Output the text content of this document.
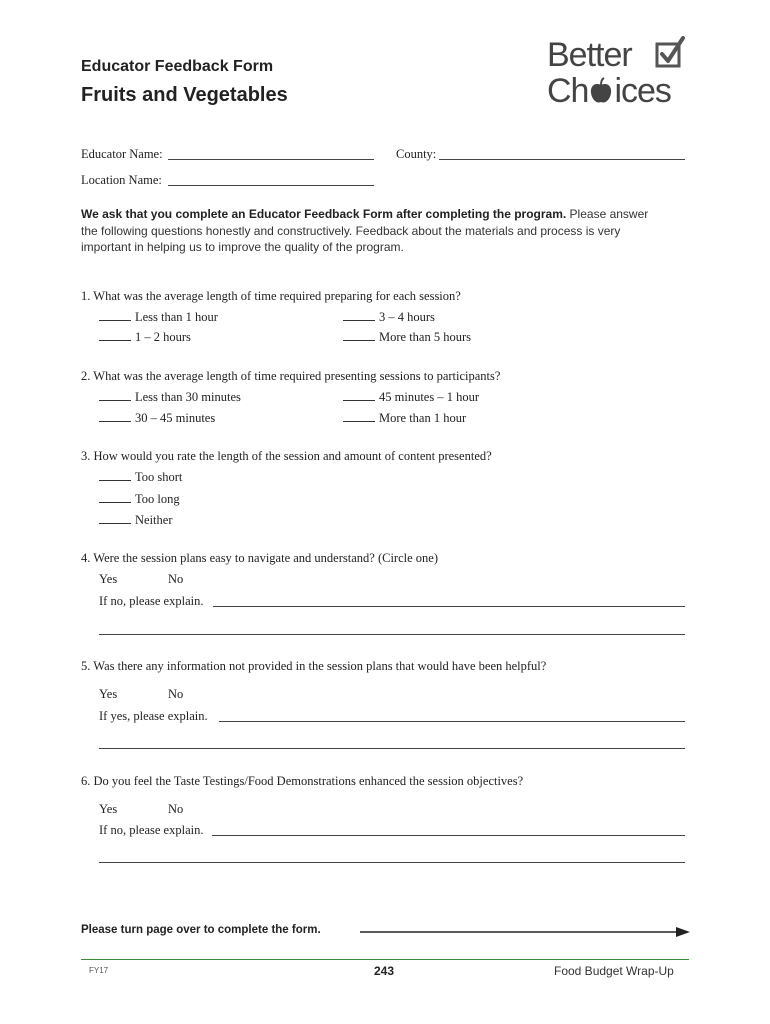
Educator Feedback Form
Fruits and Vegetables
Better
Ch ices
Educator Name:	County:
Location Name:
We ask that you complete an Educator Feedback Form after completing the program. Please answer
the following questions honestly and constructively. Feedback about the materials and process is very
important in helping us to improve the quality of the program.
1. What was the average length of time required preparing for each session?
Less than 1 hour	3 – 4 hours
1 – 2 hours	More than 5 hours
2. What was the average length of time required presenting sessions to participants?
Less than 30 minutes	45 minutes – 1 hour
30 – 45 minutes	More than 1 hour
3. How would you rate the length of the session and amount of content presented?
Too short
Too long
Neither
4. Were the session plans easy to navigate and understand? (Circle one)
Yes	No
If no, please explain.
5. Was there any information not provided in the session plans that would have been helpful?
Yes	No
If yes, please explain.
6. Do you feel the Taste Testings/Food Demonstrations enhanced the session objectives?
Yes	No
If no, please explain.
Please turn page over to complete the form.
FY17	243	Food Budget Wrap-Up
